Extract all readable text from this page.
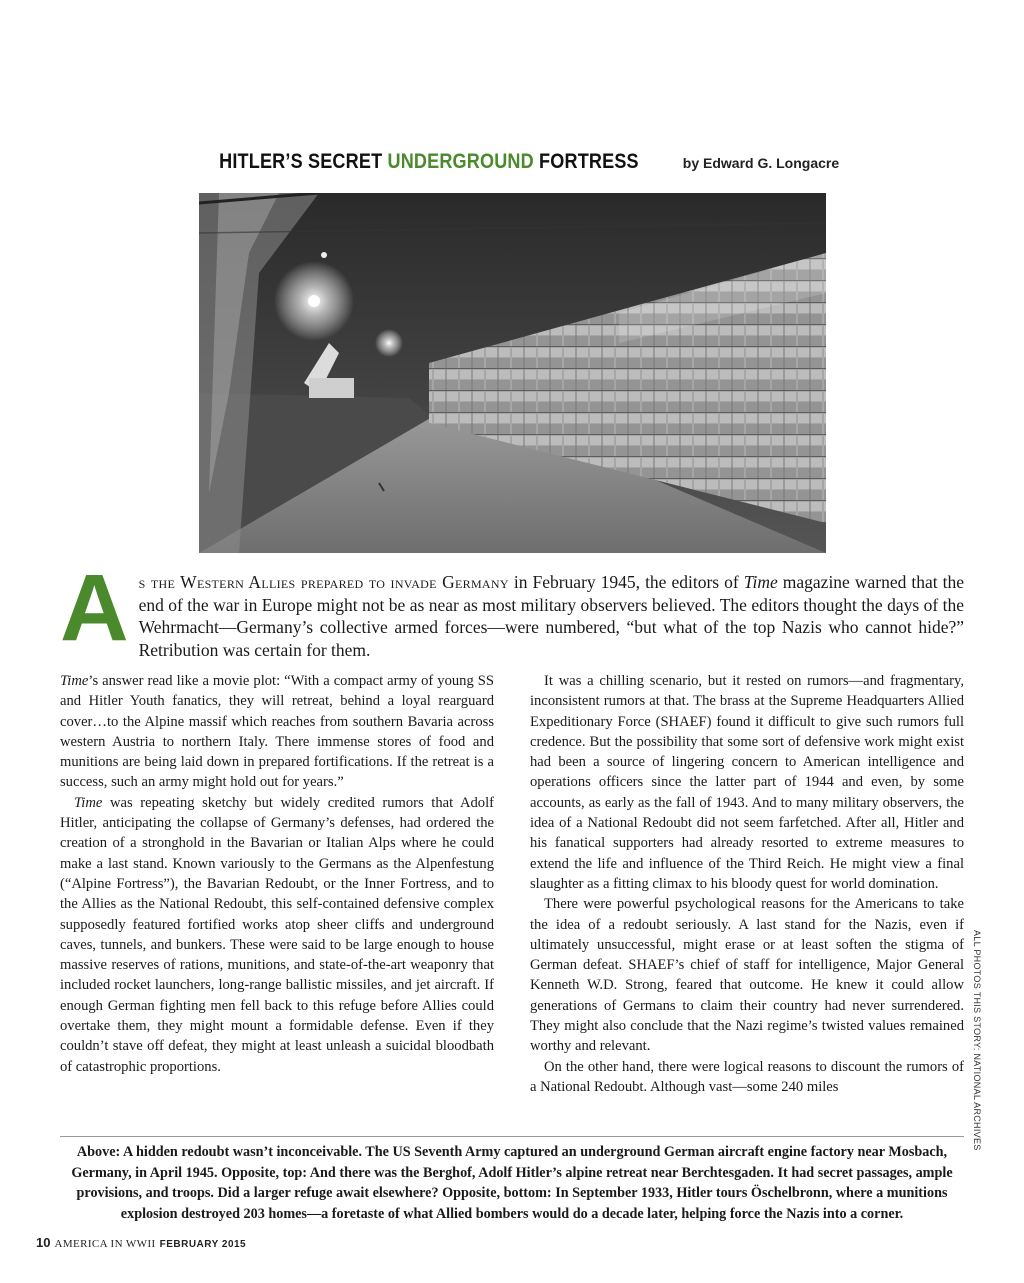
HITLER’S SECRET UNDERGROUND FORTRESS	by Edward G. Longacre
As the Western Allies prepared to invade Germany in February 1945, the editors of Time magazine warned that the end of the war in Europe might not be as near as most military observers believed. The editors thought the days of the Wehrmacht—Germany’s collective armed forces—were numbered, “but what of the top Nazis who cannot hide?” Retribution was certain for them.

Time’s answer read like a movie plot: “With a compact army of young SS and Hitler Youth fanatics, they will retreat, behind a loyal rearguard cover…to the Alpine massif which reaches from southern Bavaria across western Austria to northern Italy. There immense stores of food and munitions are being laid down in prepared fortifications. If the retreat is a success, such an army might hold out for years.”

Time was repeating sketchy but widely credited rumors that Adolf Hitler, anticipating the collapse of Germany’s defenses, had ordered the creation of a stronghold in the Bavarian or Italian Alps where he could make a last stand. Known variously to the Germans as the Alpenfestung (“Alpine Fortress”), the Bavarian Redoubt, or the Inner Fortress, and to the Allies as the National Redoubt, this self-contained defensive complex supposedly featured fortified works atop sheer cliffs and underground caves, tunnels, and bunkers. These were said to be large enough to house massive reserves of rations, munitions, and state-of-the-art weaponry that included rocket launchers, long-range ballistic missiles, and jet aircraft. If enough German fighting men fell back to this refuge before Allies could overtake them, they might mount a formidable defense. Even if they couldn’t stave off defeat, they might at least unleash a suicidal bloodbath of catastrophic proportions.

It was a chilling scenario, but it rested on rumors—and fragmentary, inconsistent rumors at that. The brass at the Supreme Headquarters Allied Expeditionary Force (SHAEF) found it difficult to give such rumors full credence. But the possibility that some sort of defensive work might exist had been a source of lingering concern to American intelligence and operations officers since the latter part of 1944 and even, by some accounts, as early as the fall of 1943. And to many military observers, the idea of a National Redoubt did not seem farfetched. After all, Hitler and his fanatical supporters had already resorted to extreme measures to extend the life and influence of the Third Reich. He might view a final slaughter as a fitting climax to his bloody quest for world domination.

There were powerful psychological reasons for the Americans to take the idea of a redoubt seriously. A last stand for the Nazis, even if ultimately unsuccessful, might erase or at least soften the stigma of German defeat. SHAEF’s chief of staff for intelligence, Major General Kenneth W.D. Strong, feared that outcome. He knew it could allow generations of Germans to claim their country had never surrendered. They might also conclude that the Nazi regime’s twisted values remained worthy and relevant.

On the other hand, there were logical reasons to discount the rumors of a National Redoubt. Although vast—some 240 miles	ALL PHOTOS THIS STORY: NATIONAL ARCHIVES
Above: A hidden redoubt wasn’t inconceivable. The US Seventh Army captured an underground German aircraft engine factory near Mosbach, Germany, in April 1945. Opposite, top: And there was the Berghof, Adolf Hitler’s alpine retreat near Berchtesgaden. It had secret passages, ample provisions, and troops. Did a larger refuge await elsewhere? Opposite, bottom: In September 1933, Hitler tours Öschelbronn, where a munitions explosion destroyed 203 homes—a foretaste of what Allied bombers would do a decade later, helping force the Nazis into a corner.
10 AMERICA IN WWII FEBRUARY 2015
